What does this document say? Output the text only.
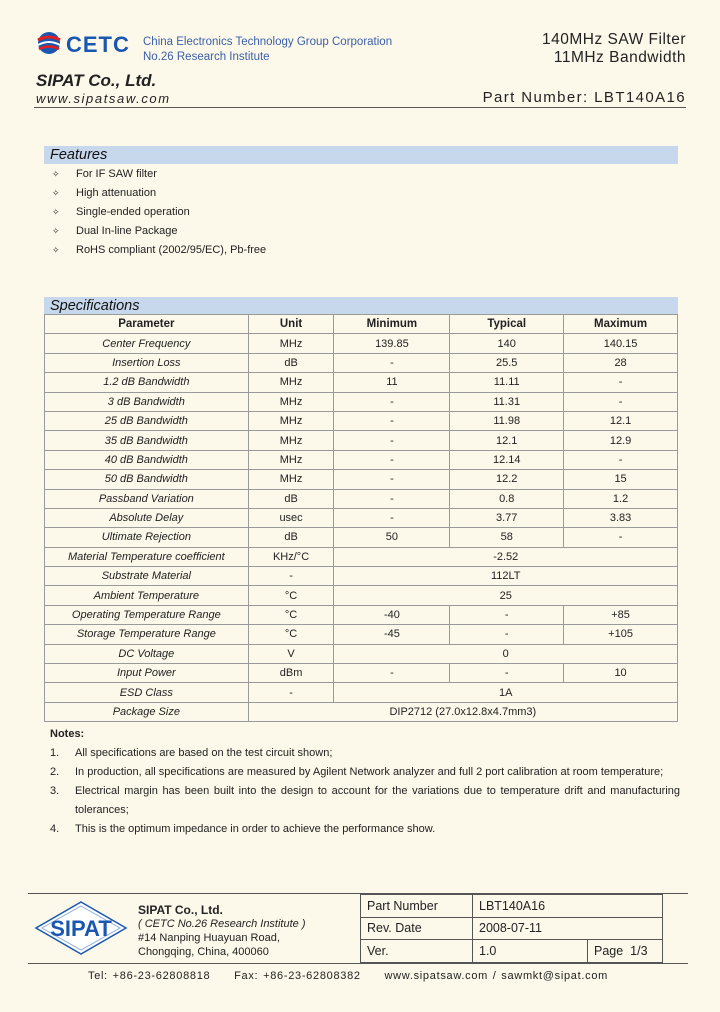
CETC China Electronics Technology Group Corporation
No.26 Research Institute
SIPAT Co., Ltd.
www.sipatsaw.com
140MHz SAW Filter
11MHz Bandwidth
Part Number: LBT140A16
Features
✧ For IF SAW filter
✧ High attenuation
✧ Single-ended operation
✧ Dual In-line Package
✧ RoHS compliant (2002/95/EC), Pb-free
Specifications
Parameter	Unit	Minimum	Typical	Maximum
Center Frequency	MHz	139.85	140	140.15
Insertion Loss	dB	-	25.5	28
1.2 dB Bandwidth	MHz	11	11.11	-
3 dB Bandwidth	MHz	-	11.31	-
25 dB Bandwidth	MHz	-	11.98	12.1
35 dB Bandwidth	MHz	-	12.1	12.9
40 dB Bandwidth	MHz	-	12.14	-
50 dB Bandwidth	MHz	-	12.2	15
Passband Variation	dB	-	0.8	1.2
Absolute Delay	usec	-	3.77	3.83
Ultimate Rejection	dB	50	58	-
Material Temperature coefficient	KHz/°C	-2.52		
Substrate Material	-	112LT		
Ambient Temperature	°C	25		
Operating Temperature Range	°C	-40	-	+85
Storage Temperature Range	°C	-45	-	+105
DC Voltage	V	0		
Input Power	dBm	-	-	10
ESD Class	-	1A		
Package Size	DIP2712 (27.0x12.8x4.7mm3)			
Notes:
1.	All specifications are based on the test circuit shown;
2.	In production, all specifications are measured by Agilent Network analyzer and full 2 port calibration at room temperature;
3.	Electrical margin has been built into the design to account for the variations due to temperature drift and manufacturing tolerances;
4.	This is the optimum impedance in order to achieve the performance show.
SIPAT
SIPAT Co., Ltd.
( CETC No.26 Research Institute )
#14 Nanping Huayuan Road,
Chongqing, China, 400060
Part Number	LBT140A16	
Rev. Date	2008-07-11	
Ver.	1.0	Page 1/3
Tel: +86-23-62808818     Fax: +86-23-62808382     www.sipatsaw.com / sawmkt@sipat.com
